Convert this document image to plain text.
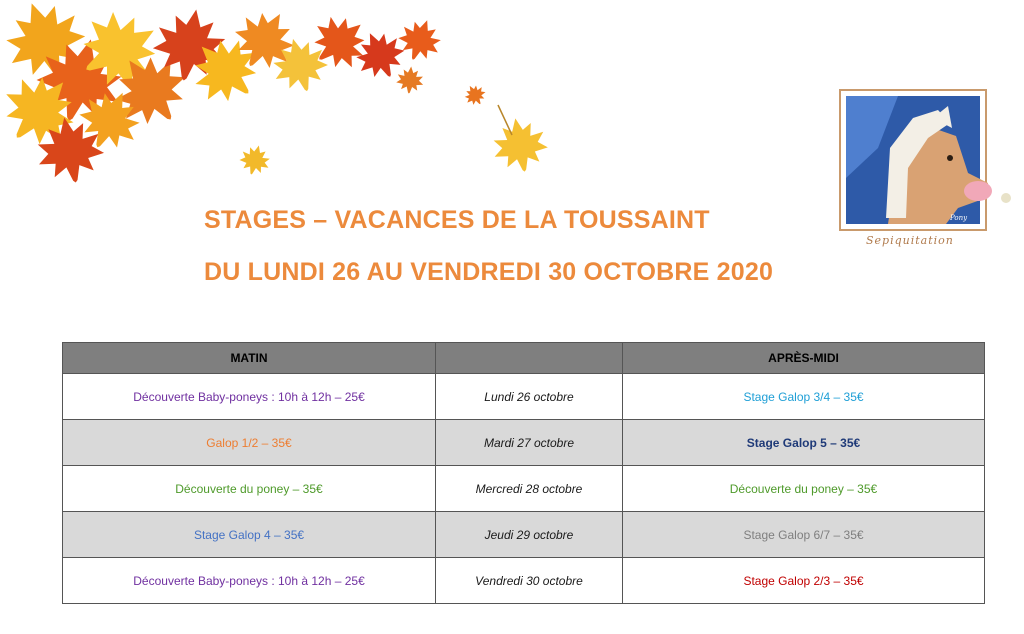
STAGES – VACANCES DE LA TOUSSAINT
DU LUNDI 26 AU VENDREDI 30 OCTOBRE 2020
Pony
Sepiquitation
MATIN		APRÈS-MIDI
Découverte Baby-poneys : 10h à 12h – 25€	Lundi 26 octobre	Stage Galop 3/4 – 35€
Galop 1/2 – 35€	Mardi 27 octobre	Stage Galop 5 – 35€
Découverte du poney – 35€	Mercredi 28 octobre	Découverte du poney – 35€
Stage Galop 4 – 35€	Jeudi 29 octobre	Stage Galop 6/7 – 35€
Découverte Baby-poneys : 10h à 12h – 25€	Vendredi 30 octobre	Stage Galop 2/3 – 35€
